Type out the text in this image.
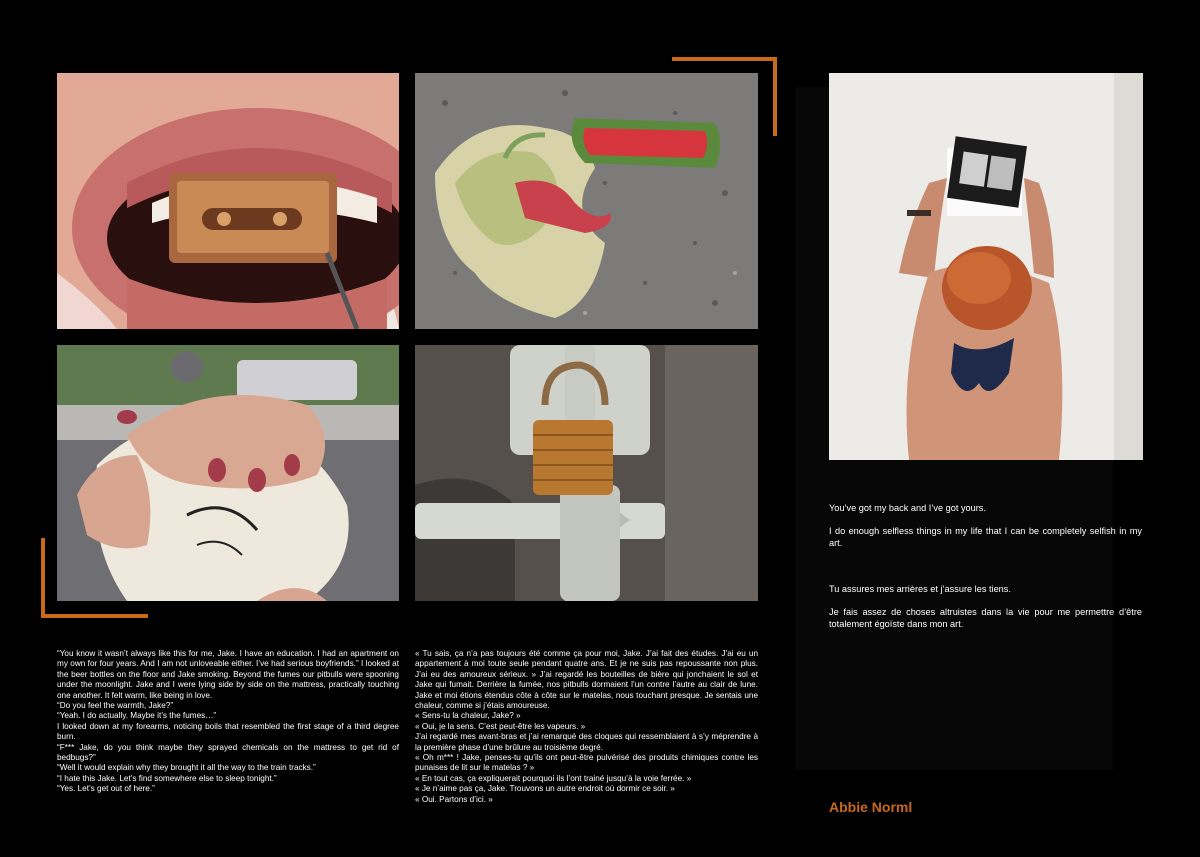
“You know it wasn’t always like this for me, Jake. I have an education. I had an apartment on my own for four years. And I am not unloveable either. I’ve had serious boyfriends.” I looked at the beer bottles on the floor and Jake smoking. Beyond the fumes our pitbulls were spooning under the moonlight. Jake and I were lying side by side on the mattress, practically touching one another. It felt warm, like being in love.

“Do you feel the warmth, Jake?”

“Yeah. I do actually. Maybe it’s the fumes…”

I looked down at my forearms, noticing boils that resembled the first stage of a third degree burn.

“F*** Jake, do you think maybe they sprayed chemicals on the mattress to get rid of bedbugs?”

“Well it would explain why they brought it all the way to the train tracks.”

“I hate this Jake. Let’s find somewhere else to sleep tonight.”

“Yes. Let’s get out of here.”

« Tu sais, ça n’a pas toujours été comme ça pour moi, Jake. J’ai fait des études. J’ai eu un appartement à moi toute seule pendant quatre ans. Et je ne suis pas repoussante non plus. J’ai eu des amoureux sérieux. » J’ai regardé les bouteilles de bière qui jonchaient le sol et Jake qui fumait. Derrière la fumée, nos pitbulls dormaient l’un contre l’autre au clair de lune. Jake et moi étions étendus côte à côte sur le matelas, nous touchant presque. Je sentais une chaleur, comme si j’étais amoureuse.

« Sens-tu la chaleur, Jake? »

« Oui, je la sens. C’est peut-être les vapeurs. »

J’ai regardé mes avant-bras et j’ai remarqué des cloques qui ressemblaient à s’y méprendre à la première phase d’une brûlure au troisième degré.

« Oh m*** ! Jake, penses-tu qu’ils ont peut-être pulvérisé des produits chimiques contre les punaises de lit sur le matelas ? »

« En tout cas, ça expliquerait pourquoi ils l’ont trainé jusqu’à la voie ferrée. »

« Je n’aime pas ça, Jake. Trouvons un autre endroit où dormir ce soir. »

« Oui. Partons d’ici. »

You’ve got my back and I’ve got yours.

I do enough selfless things in my life that I can be completely selfish in my art.

Tu assures mes arrières et j’assure les tiens.

Je fais assez de choses altruistes dans la vie pour me permettre d’être totalement égoïste dans mon art.

Abbie Norml
